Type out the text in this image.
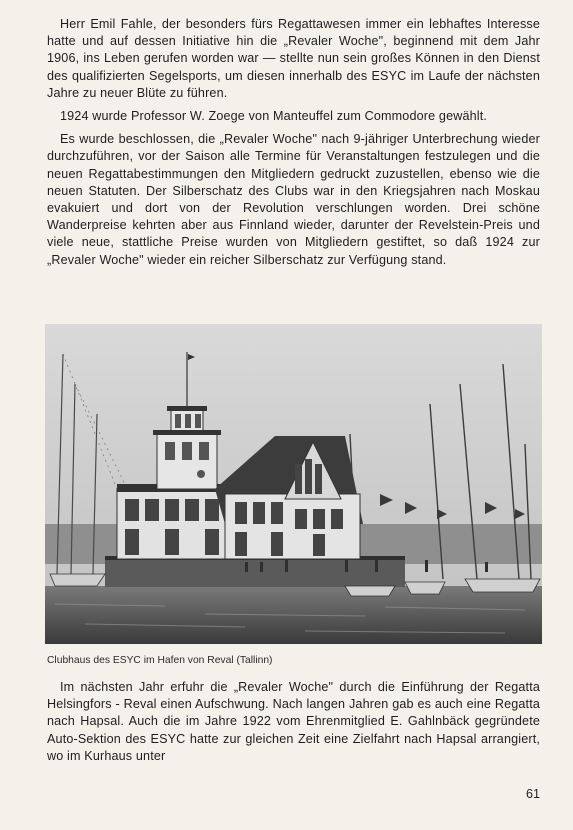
Herr Emil Fahle, der besonders fürs Regattawesen immer ein lebhaftes Interesse hatte und auf dessen Initiative hin die „Revaler Woche", beginnend mit dem Jahr 1906, ins Leben gerufen worden war — stellte nun sein großes Können in den Dienst des qualifizierten Segelsports, um diesen innerhalb des ESYC im Laufe der nächsten Jahre zu neuer Blüte zu führen.

1924 wurde Professor W. Zoege von Manteuffel zum Commodore gewählt.

Es wurde beschlossen, die „Revaler Woche" nach 9-jähriger Unterbrechung wieder durchzuführen, vor der Saison alle Termine für Veranstaltungen festzulegen und die neuen Regattabestimmungen den Mitgliedern gedruckt zuzustellen, ebenso wie die neuen Statuten. Der Silberschatz des Clubs war in den Kriegsjahren nach Moskau evakuiert und dort von der Revolution verschlungen worden. Drei schöne Wanderpreise kehrten aber aus Finnland wieder, darunter der Revelstein-Preis und viele neue, stattliche Preise wurden von Mitgliedern gestiftet, so daß 1924 zur „Revaler Woche" wieder ein reicher Silberschatz zur Verfügung stand.

Clubhaus des ESYC im Hafen von Reval (Tallinn)

Im nächsten Jahr erfuhr die „Revaler Woche" durch die Einführung der Regatta Helsingfors - Reval einen Aufschwung. Nach langen Jahren gab es auch eine Regatta nach Hapsal. Auch die im Jahre 1922 vom Ehrenmitglied E. Gahlnbäck gegründete Auto-Sektion des ESYC hatte zur gleichen Zeit eine Zielfahrt nach Hapsal arrangiert, wo im Kurhaus unter

61
